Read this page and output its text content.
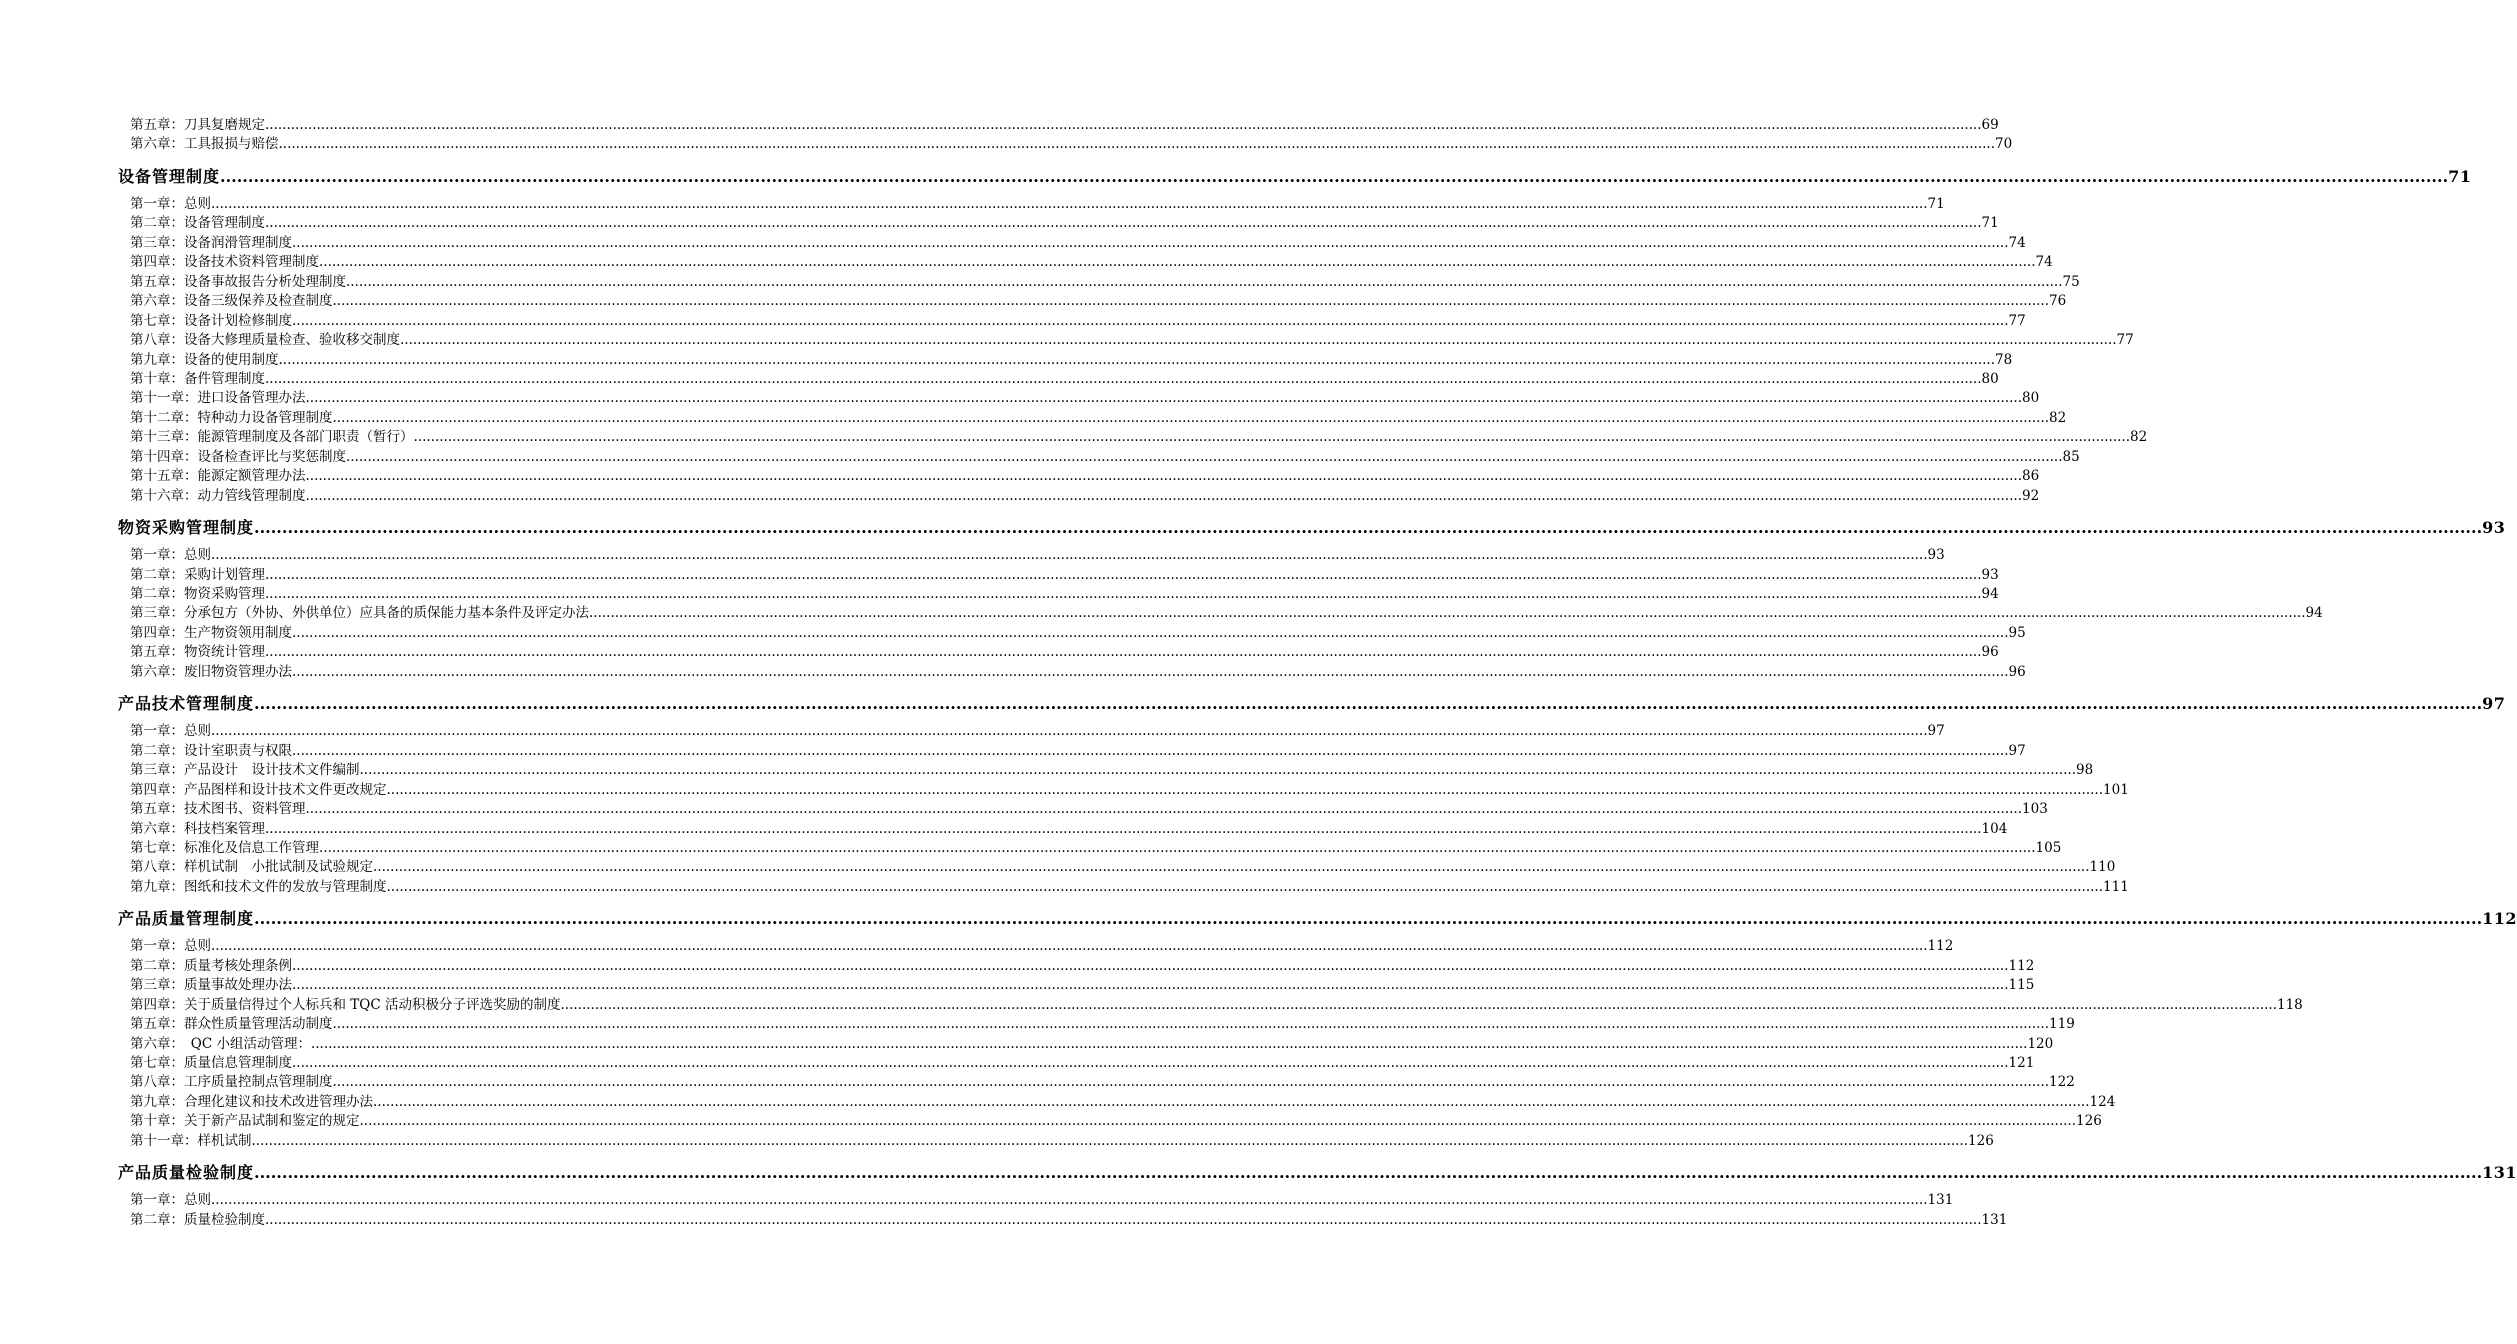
第五章：刀具复磨规定 ................................................................................................................................................................................................................................................................................................................................................................................................................ 69
第六章：工具报损与赔偿 ................................................................................................................................................................................................................................................................................................................................................................................................................ 70
设备管理制度 ................................................................................................................................................................................................................................................................................................................................................................................................................ 71
第一章：总则 ................................................................................................................................................................................................................................................................................................................................................................................................................ 71
第二章：设备管理制度 ................................................................................................................................................................................................................................................................................................................................................................................................................ 71
第三章：设备润滑管理制度 ................................................................................................................................................................................................................................................................................................................................................................................................................ 74
第四章：设备技术资料管理制度 ................................................................................................................................................................................................................................................................................................................................................................................................................ 74
第五章：设备事故报告分析处理制度 ................................................................................................................................................................................................................................................................................................................................................................................................................ 75
第六章：设备三级保养及检查制度 ................................................................................................................................................................................................................................................................................................................................................................................................................ 76
第七章：设备计划检修制度 ................................................................................................................................................................................................................................................................................................................................................................................................................ 77
第八章：设备大修理质量检查、验收移交制度 ................................................................................................................................................................................................................................................................................................................................................................................................................ 77
第九章：设备的使用制度 ................................................................................................................................................................................................................................................................................................................................................................................................................ 78
第十章：备件管理制度 ................................................................................................................................................................................................................................................................................................................................................................................................................ 80
第十一章：进口设备管理办法 ................................................................................................................................................................................................................................................................................................................................................................................................................ 80
第十二章：特种动力设备管理制度 ................................................................................................................................................................................................................................................................................................................................................................................................................ 82
第十三章：能源管理制度及各部门职责（暂行） ................................................................................................................................................................................................................................................................................................................................................................................................................ 82
第十四章：设备检查评比与奖惩制度 ................................................................................................................................................................................................................................................................................................................................................................................................................ 85
第十五章：能源定额管理办法 ................................................................................................................................................................................................................................................................................................................................................................................................................ 86
第十六章：动力管线管理制度 ................................................................................................................................................................................................................................................................................................................................................................................................................ 92
物资采购管理制度 ................................................................................................................................................................................................................................................................................................................................................................................................................ 93
第一章：总则 ................................................................................................................................................................................................................................................................................................................................................................................................................ 93
第二章：采购计划管理 ................................................................................................................................................................................................................................................................................................................................................................................................................ 93
第二章：物资采购管理 ................................................................................................................................................................................................................................................................................................................................................................................................................ 94
第三章：分承包方（外协、外供单位）应具备的质保能力基本条件及评定办法 ................................................................................................................................................................................................................................................................................................................................................................................................................ 94
第四章：生产物资领用制度 ................................................................................................................................................................................................................................................................................................................................................................................................................ 95
第五章：物资统计管理 ................................................................................................................................................................................................................................................................................................................................................................................................................ 96
第六章：废旧物资管理办法 ................................................................................................................................................................................................................................................................................................................................................................................................................ 96
产品技术管理制度 ................................................................................................................................................................................................................................................................................................................................................................................................................ 97
第一章：总则 ................................................................................................................................................................................................................................................................................................................................................................................................................ 97
第二章：设计室职责与权限 ................................................................................................................................................................................................................................................................................................................................................................................................................ 97
第三章：产品设计　设计技术文件编制 ................................................................................................................................................................................................................................................................................................................................................................................................................ 98
第四章：产品图样和设计技术文件更改规定 ................................................................................................................................................................................................................................................................................................................................................................................................................ 101
第五章：技术图书、资料管理 ................................................................................................................................................................................................................................................................................................................................................................................................................ 103
第六章：科技档案管理 ................................................................................................................................................................................................................................................................................................................................................................................................................ 104
第七章：标准化及信息工作管理 ................................................................................................................................................................................................................................................................................................................................................................................................................ 105
第八章：样机试制　小批试制及试验规定 ................................................................................................................................................................................................................................................................................................................................................................................................................ 110
第九章：图纸和技术文件的发放与管理制度 ................................................................................................................................................................................................................................................................................................................................................................................................................ 111
产品质量管理制度 ................................................................................................................................................................................................................................................................................................................................................................................................................ 112
第一章：总则 ................................................................................................................................................................................................................................................................................................................................................................................................................ 112
第二章：质量考核处理条例 ................................................................................................................................................................................................................................................................................................................................................................................................................ 112
第三章：质量事故处理办法 ................................................................................................................................................................................................................................................................................................................................................................................................................ 115
第四章：关于质量信得过个人标兵和 TQC 活动积极分子评选奖励的制度 ................................................................................................................................................................................................................................................................................................................................................................................................................ 118
第五章：群众性质量管理活动制度 ................................................................................................................................................................................................................................................................................................................................................................................................................ 119
第六章：　QC 小组活动管理： ................................................................................................................................................................................................................................................................................................................................................................................................................ 120
第七章：质量信息管理制度 ................................................................................................................................................................................................................................................................................................................................................................................................................ 121
第八章：工序质量控制点管理制度 ................................................................................................................................................................................................................................................................................................................................................................................................................ 122
第九章：合理化建议和技术改进管理办法 ................................................................................................................................................................................................................................................................................................................................................................................................................ 124
第十章：关于新产品试制和鉴定的规定 ................................................................................................................................................................................................................................................................................................................................................................................................................ 126
第十一章：样机试制 ................................................................................................................................................................................................................................................................................................................................................................................................................ 126
产品质量检验制度 ................................................................................................................................................................................................................................................................................................................................................................................................................ 131
第一章：总则 ................................................................................................................................................................................................................................................................................................................................................................................................................ 131
第二章：质量检验制度 ................................................................................................................................................................................................................................................................................................................................................................................................................ 131
